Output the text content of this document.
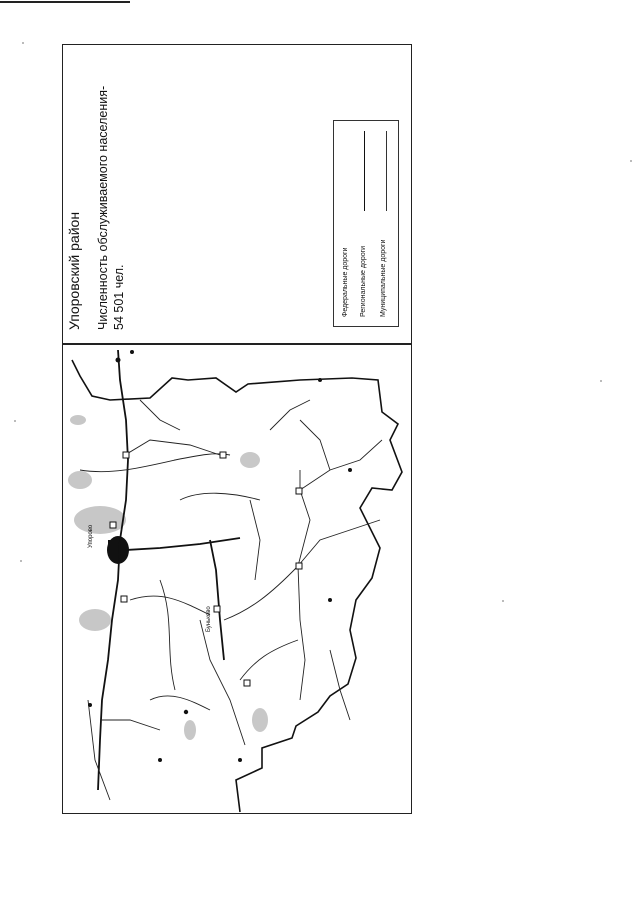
Упоровский район Численность обслуживаемого населения- 54 501 чел.	Федеральные дороги Региональные дороги Муниципальные дороги
Упорово
Буньково
